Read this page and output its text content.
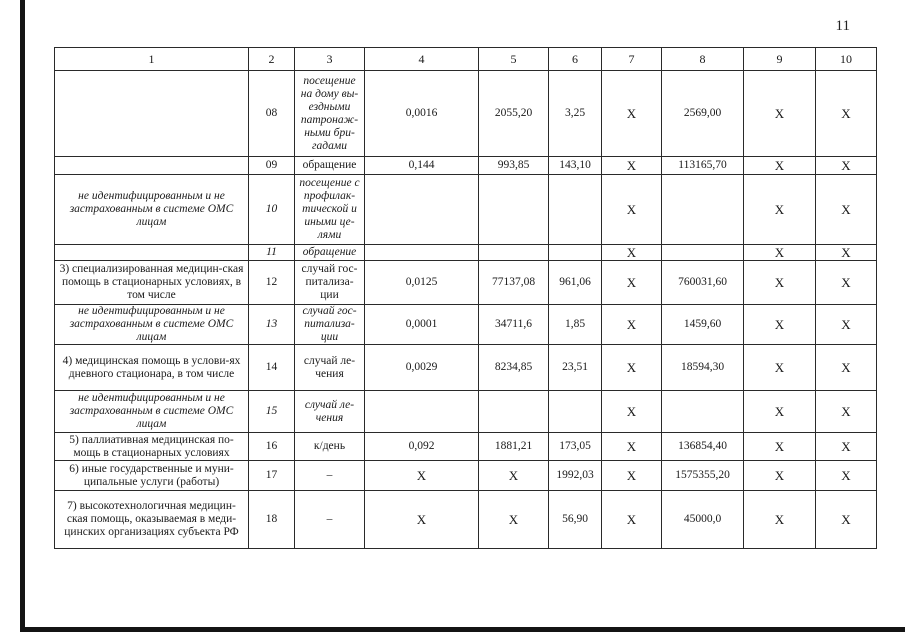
11
1	2	3	4	5	6	7	8	9	10
	08	посещение на дому вы-ездными патронаж-ными бри-гадами	0,0016	2055,20	3,25	X	2569,00	X	X
	09	обращение	0,144	993,85	143,10	X	113165,70	X	X
не идентифицированным и не застрахованным в системе ОМС лицам	10	посещение с профилак-тической и иными це-лями				X		X	X
	11	обращение				X		X	X
3) специализированная медицин-ская помощь в стационарных условиях, в том числе	12	случай гос-питализа-ции	0,0125	77137,08	961,06	X	760031,60	X	X
не идентифицированным и не застрахованным в системе ОМС лицам	13	случай гос-питализа-ции	0,0001	34711,6	1,85	X	1459,60	X	X
4) медицинская помощь в услови-ях дневного стационара, в том числе	14	случай ле-чения	0,0029	8234,85	23,51	X	18594,30	X	X
не идентифицированным и не застрахованным в системе ОМС лицам	15	случай ле-чения				X		X	X
5) паллиативная медицинская по-мощь в стационарных условиях	16	к/день	0,092	1881,21	173,05	X	136854,40	X	X
6) иные государственные и муни-ципальные услуги (работы)	17	–	X	X	1992,03	X	1575355,20	X	X
7) высокотехнологичная медицин-ская помощь, оказываемая в меди-цинских организациях субъекта РФ	18	–	X	X	56,90	X	45000,0	X	X
